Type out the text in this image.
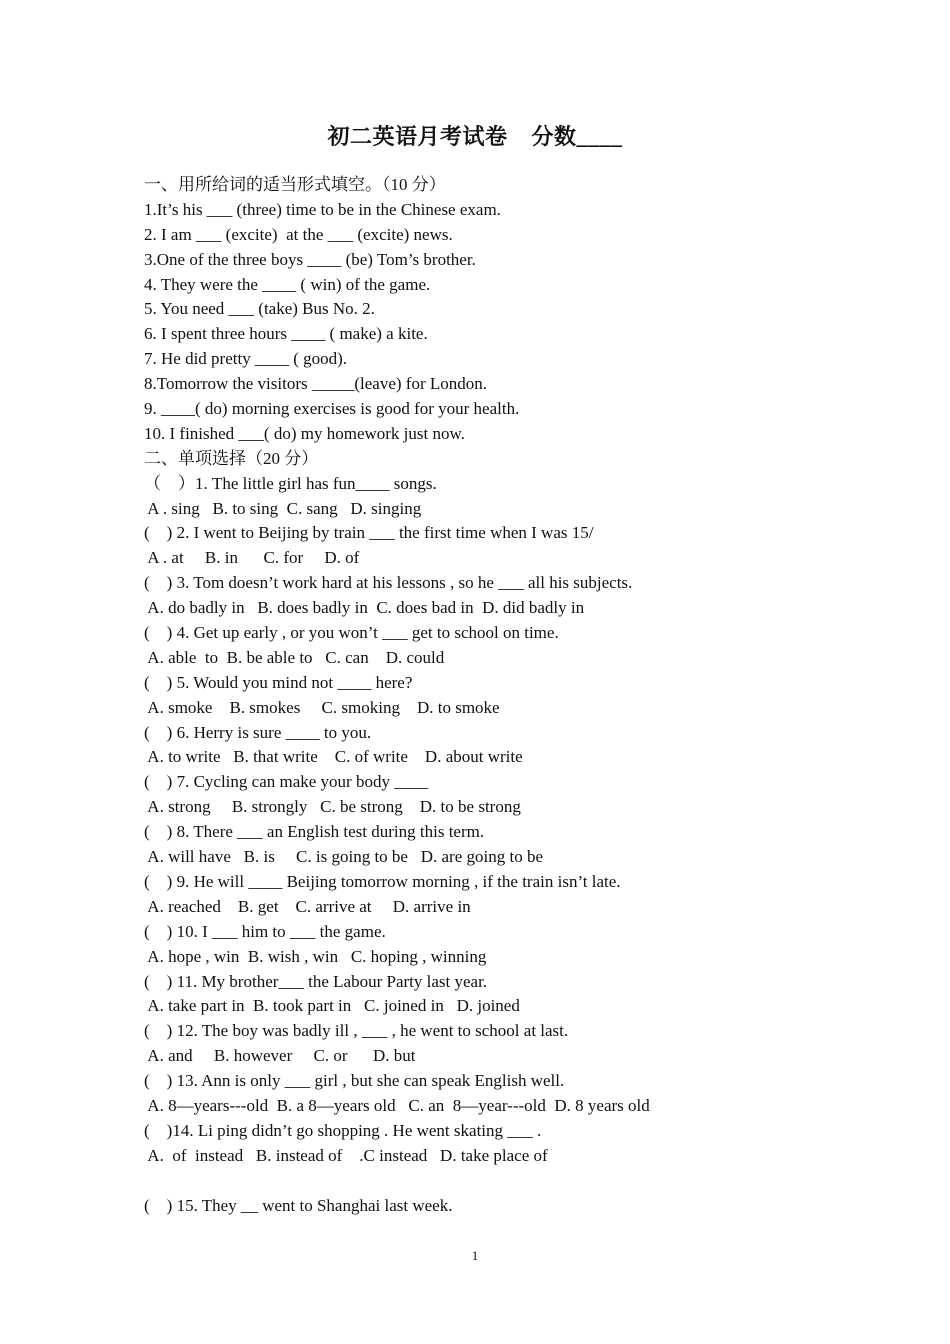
初二英语月考试卷 分数____
一、用所给词的适当形式填空。（10 分）
1.It’s his ___ (three) time to be in the Chinese exam.
2. I am ___ (excite)  at the ___ (excite) news.
3.One of the three boys ____ (be) Tom’s brother.
4. They were the ____ ( win) of the game.
5. You need ___ (take) Bus No. 2.
6. I spent three hours ____ ( make) a kite.
7. He did pretty ____ ( good).
8.Tomorrow the visitors _____(leave) for London.
9. ____( do) morning exercises is good for your health.
10. I finished ___( do) my homework just now.
二、单项选择（20 分）
（    ）1. The little girl has fun____ songs.
A . sing   B. to sing  C. sang   D. singing
(    ) 2. I went to Beijing by train ___ the first time when I was 15/
A . at     B. in      C. for     D. of
(    ) 3. Tom doesn’t work hard at his lessons , so he ___ all his subjects.
A. do badly in   B. does badly in  C. does bad in  D. did badly in
(    ) 4. Get up early , or you won’t ___ get to school on time.
A. able  to  B. be able to   C. can    D. could
(    ) 5. Would you mind not ____ here?
A. smoke    B. smokes     C. smoking    D. to smoke
(    ) 6. Herry is sure ____ to you.
A. to write   B. that write    C. of write    D. about write
(    ) 7. Cycling can make your body ____
A. strong     B. strongly   C. be strong    D. to be strong
(    ) 8. There ___ an English test during this term.
A. will have   B. is     C. is going to be   D. are going to be
(    ) 9. He will ____ Beijing tomorrow morning , if the train isn’t late.
A. reached    B. get    C. arrive at     D. arrive in
(    ) 10. I ___ him to ___ the game.
A. hope , win  B. wish , win   C. hoping , winning
(    ) 11. My brother___ the Labour Party last year.
A. take part in  B. took part in   C. joined in   D. joined
(    ) 12. The boy was badly ill , ___ , he went to school at last.
A. and     B. however     C. or      D. but
(    ) 13. Ann is only ___ girl , but she can speak English well.
A. 8—years---old  B. a 8—years old   C. an  8—year---old  D. 8 years old
(    )14. Li ping didn’t go shopping . He went skating ___ .
A.  of  instead   B. instead of    .C instead   D. take place of
(    ) 15. They __ went to Shanghai last week.
1
